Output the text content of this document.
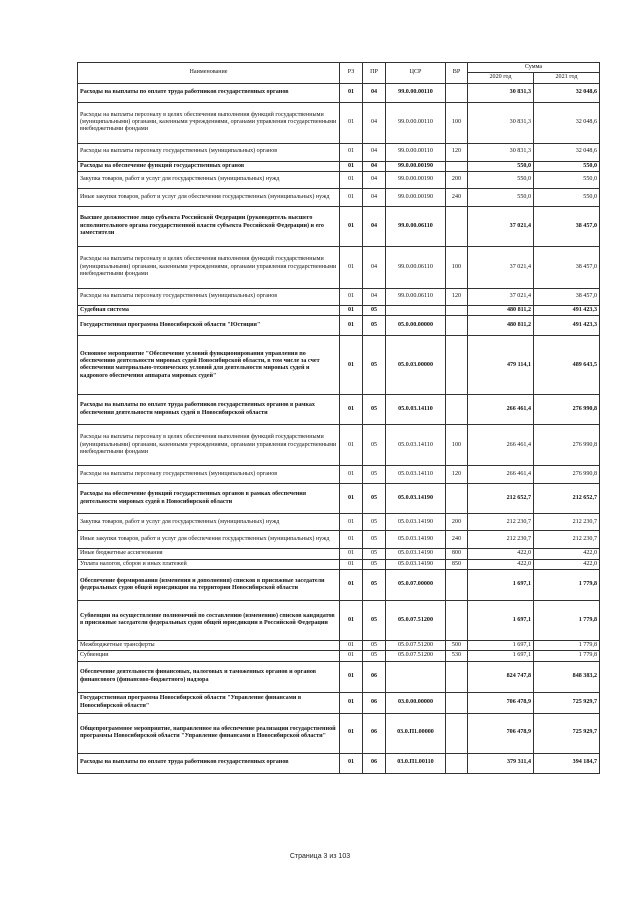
Наименование	РЗ	ПР	ЦСР	ВР	Сумма	
					2020 год	2021 год
Расходы на выплаты по оплате труда работников государственных органов	01	04	99.0.00.00110		30 831,3	32 048,6
Расходы на выплаты персоналу в целях обеспечения выполнения функций государственными (муниципальными) органами, казенными учреждениями, органами управления государственными внебюджетными фондами	01	04	99.0.00.00110	100	30 831,3	32 048,6
Расходы на выплаты персоналу государственных (муниципальных) органов	01	04	99.0.00.00110	120	30 831,3	32 048,6
Расходы на обеспечение функций государственных органов	01	04	99.0.00.00190		550,0	550,0
Закупка товаров, работ и услуг для государственных (муниципальных) нужд	01	04	99.0.00.00190	200	550,0	550,0
Иные закупки товаров, работ и услуг для обеспечения государственных (муниципальных) нужд	01	04	99.0.00.00190	240	550,0	550,0
Высшее должностное лицо субъекта Российской Федерации (руководитель высшего исполнительного органа государственной власти субъекта Российской Федерации) и его заместители	01	04	99.0.00.06110		37 021,4	38 457,0
Расходы на выплаты персоналу в целях обеспечения выполнения функций государственными (муниципальными) органами, казенными учреждениями, органами управления государственными внебюджетными фондами	01	04	99.0.00.06110	100	37 021,4	38 457,0
Расходы на выплаты персоналу государственных (муниципальных) органов	01	04	99.0.00.06110	120	37 021,4	38 457,0
Судебная система	01	05			480 811,2	491 423,3
Государственная программа Новосибирской области "Юстиция"	01	05	05.0.00.00000		480 811,2	491 423,3
Основное мероприятие "Обеспечение условий функционирования управления по обеспечению деятельности мировых судей Новосибирской области, в том числе за счет обеспечения материально-технических условий для деятельности мировых судей и кадрового обеспечения аппарата мировых судей"	01	05	05.0.03.00000		479 114,1	489 643,5
Расходы на выплаты по оплате труда работников государственных органов в рамках обеспечения деятельности мировых судей в Новосибирской области	01	05	05.0.03.14110		266 461,4	276 990,8
Расходы на выплаты персоналу в целях обеспечения выполнения функций государственными (муниципальными) органами, казенными учреждениями, органами управления государственными внебюджетными фондами	01	05	05.0.03.14110	100	266 461,4	276 990,8
Расходы на выплаты персоналу государственных (муниципальных) органов	01	05	05.0.03.14110	120	266 461,4	276 990,8
Расходы на обеспечение функций государственных органов в рамках обеспечения деятельности мировых судей в Новосибирской области	01	05	05.0.03.14190		212 652,7	212 652,7
Закупка товаров, работ и услуг для государственных (муниципальных) нужд	01	05	05.0.03.14190	200	212 230,7	212 230,7
Иные закупки товаров, работ и услуг для обеспечения государственных (муниципальных) нужд	01	05	05.0.03.14190	240	212 230,7	212 230,7
Иные бюджетные ассигнования	01	05	05.0.03.14190	800	422,0	422,0
Уплата налогов, сборов и иных платежей	01	05	05.0.03.14190	850	422,0	422,0
Обеспечение формирования (изменения и дополнения) списков в присяжные заседатели федеральных судов общей юрисдикции на территории Новосибирской области	01	05	05.0.07.00000		1 697,1	1 779,8
Субвенции на осуществление полномочий по составлению (изменению) списков кандидатов в присяжные заседатели федеральных судов общей юрисдикции в Российской Федерации	01	05	05.0.07.51200		1 697,1	1 779,8
Межбюджетные трансферты	01	05	05.0.07.51200	500	1 697,1	1 779,8
Субвенции	01	05	05.0.07.51200	530	1 697,1	1 779,8
Обеспечение деятельности финансовых, налоговых и таможенных органов и органов финансового (финансово-бюджетного) надзора	01	06			824 747,8	848 383,2
Государственная программа Новосибирской области "Управление финансами в Новосибирской области"	01	06	03.0.00.00000		706 478,9	725 929,7
Общепрограммное мероприятие, направленное на обеспечение реализации государственной программы Новосибирской области "Управление финансами в Новосибирской области"	01	06	03.0.П1.00000		706 478,9	725 929,7
Расходы на выплаты по оплате труда работников государственных органов	01	06	03.0.П1.00110		379 311,4	394 184,7
Страница 3 из 103
